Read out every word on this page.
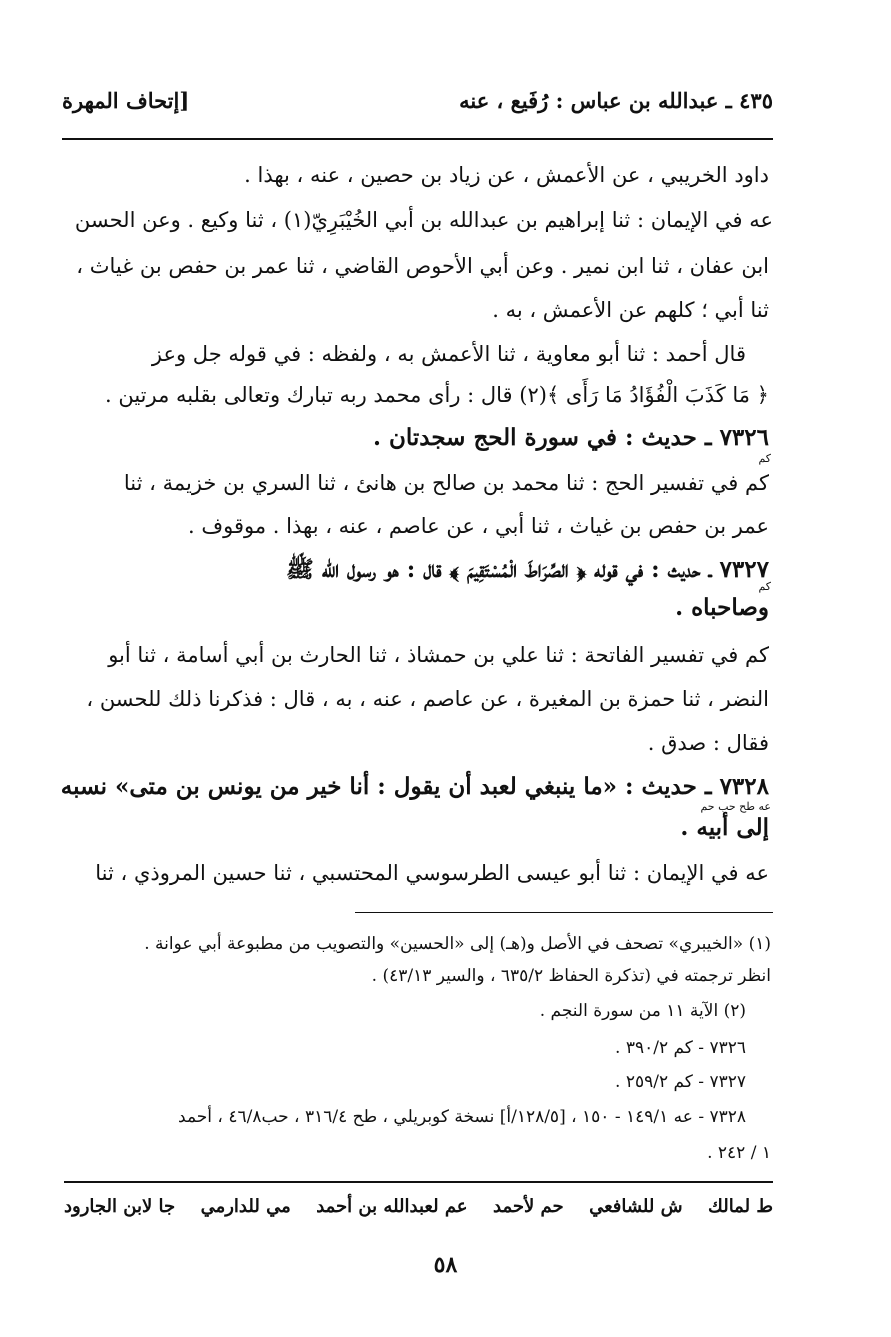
٤٣٥ ـ عبدالله بن عباس : رُفَيع ، عنه
[إتحاف المهرة
داود الخريبي ، عن الأعمش ، عن زياد بن حصين ، عنه ، بهذا .
عه في الإيمان : ثنا إبراهيم بن عبدالله بن أبي الخُيْبَرِيّ(١) ، ثنا وكيع . وعن الحسن
ابن عفان ، ثنا ابن نمير . وعن أبي الأحوص القاضي ، ثنا عمر بن حفص بن غياث ،
ثنا أبي ؛ كلهم عن الأعمش ، به .
قال أحمد : ثنا أبو معاوية ، ثنا الأعمش به ، ولفظه : في قوله جل وعز
﴿ مَا كَذَبَ الْفُؤَادُ مَا رَأَى ﴾(٢) قال : رأى محمد ربه تبارك وتعالى بقلبه مرتين .
٧٣٢٦ ـ حديث : في سورة الحج سجدتان .
كم
كم في تفسير الحج : ثنا محمد بن صالح بن هانئ ، ثنا السري بن خزيمة ، ثنا
عمر بن حفص بن غياث ، ثنا أبي ، عن عاصم ، عنه ، بهذا . موقوف .
٧٣٢٧ ـ حديث : في قوله ﴿ الصِّرَاطَ الْمُسْتَقِيمَ ﴾ قال : هو رسول الله ﷺ
كم
وصاحباه .
كم في تفسير الفاتحة : ثنا علي بن حمشاذ ، ثنا الحارث بن أبي أسامة ، ثنا أبو
النضر ، ثنا حمزة بن المغيرة ، عن عاصم ، عنه ، به ، قال : فذكرنا ذلك للحسن ،
فقال : صدق .
٧٣٢٨ ـ حديث : «ما ينبغي لعبد أن يقول : أنا خير من يونس بن متى» نسبه
عه طح حب حم
إلى أبيه .
عه في الإيمان : ثنا أبو عيسى الطرسوسي المحتسبي ، ثنا حسين المروذي ، ثنا
(١) «الخيبري» تصحف في الأصل و(هـ) إلى «الحسين» والتصويب من مطبوعة أبي عوانة .
انظر ترجمته في (تذكرة الحفاظ ٦٣٥/٢ ، والسير ٤٣/١٣) .
(٢) الآية ١١ من سورة النجم .
٧٣٢٦ - كم ٣٩٠/٢ .
٧٣٢٧ - كم ٢٥٩/٢ .
٧٣٢٨ - عه ١٤٩/١ - ١٥٠ ، [١٢٨/٥/أ] نسخة كوبريلي ، طح ٣١٦/٤ ، حب٤٦/٨ ، أحمد
١ / ٢٤٢ .
ط لمالك
ش للشافعي
حم لأحمد
عم لعبدالله بن أحمد
مي للدارمي
جا لابن الجارود
٥٨
